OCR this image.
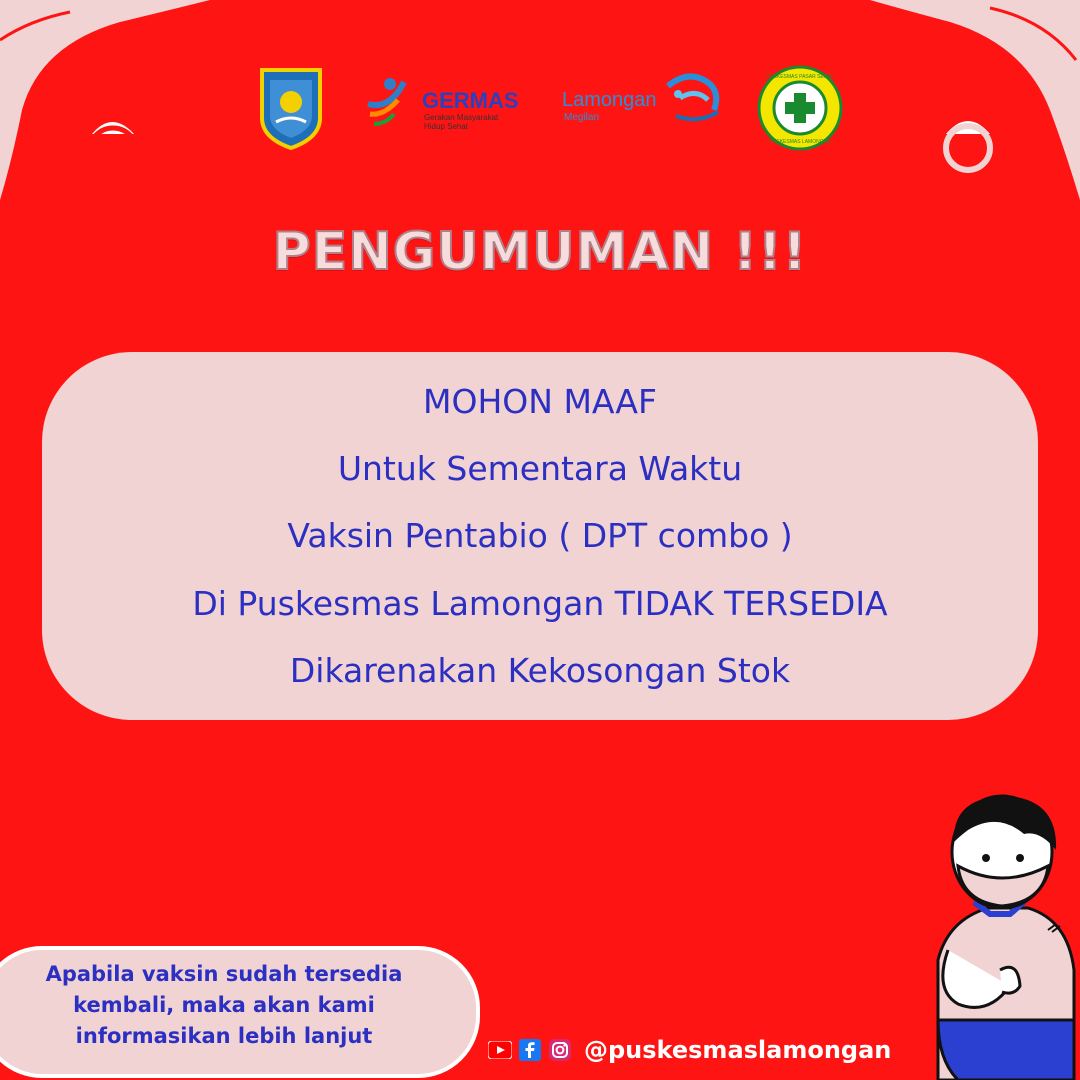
GERMAS
Gerakan Masyarakat
Hidup Sehat
Lamongan
Megilan
PUSKESMAS PASAR SEHAT
PUSKESMAS LAMONGAN
PENGUMUMAN !!!
MOHON MAAF
Untuk Sementara Waktu
Vaksin Pentabio ( DPT combo )
Di Puskesmas Lamongan TIDAK TERSEDIA
Dikarenakan Kekosongan Stok
Apabila vaksin sudah tersedia
kembali, maka akan kami
informasikan lebih lanjut	@puskesmaslamongan
